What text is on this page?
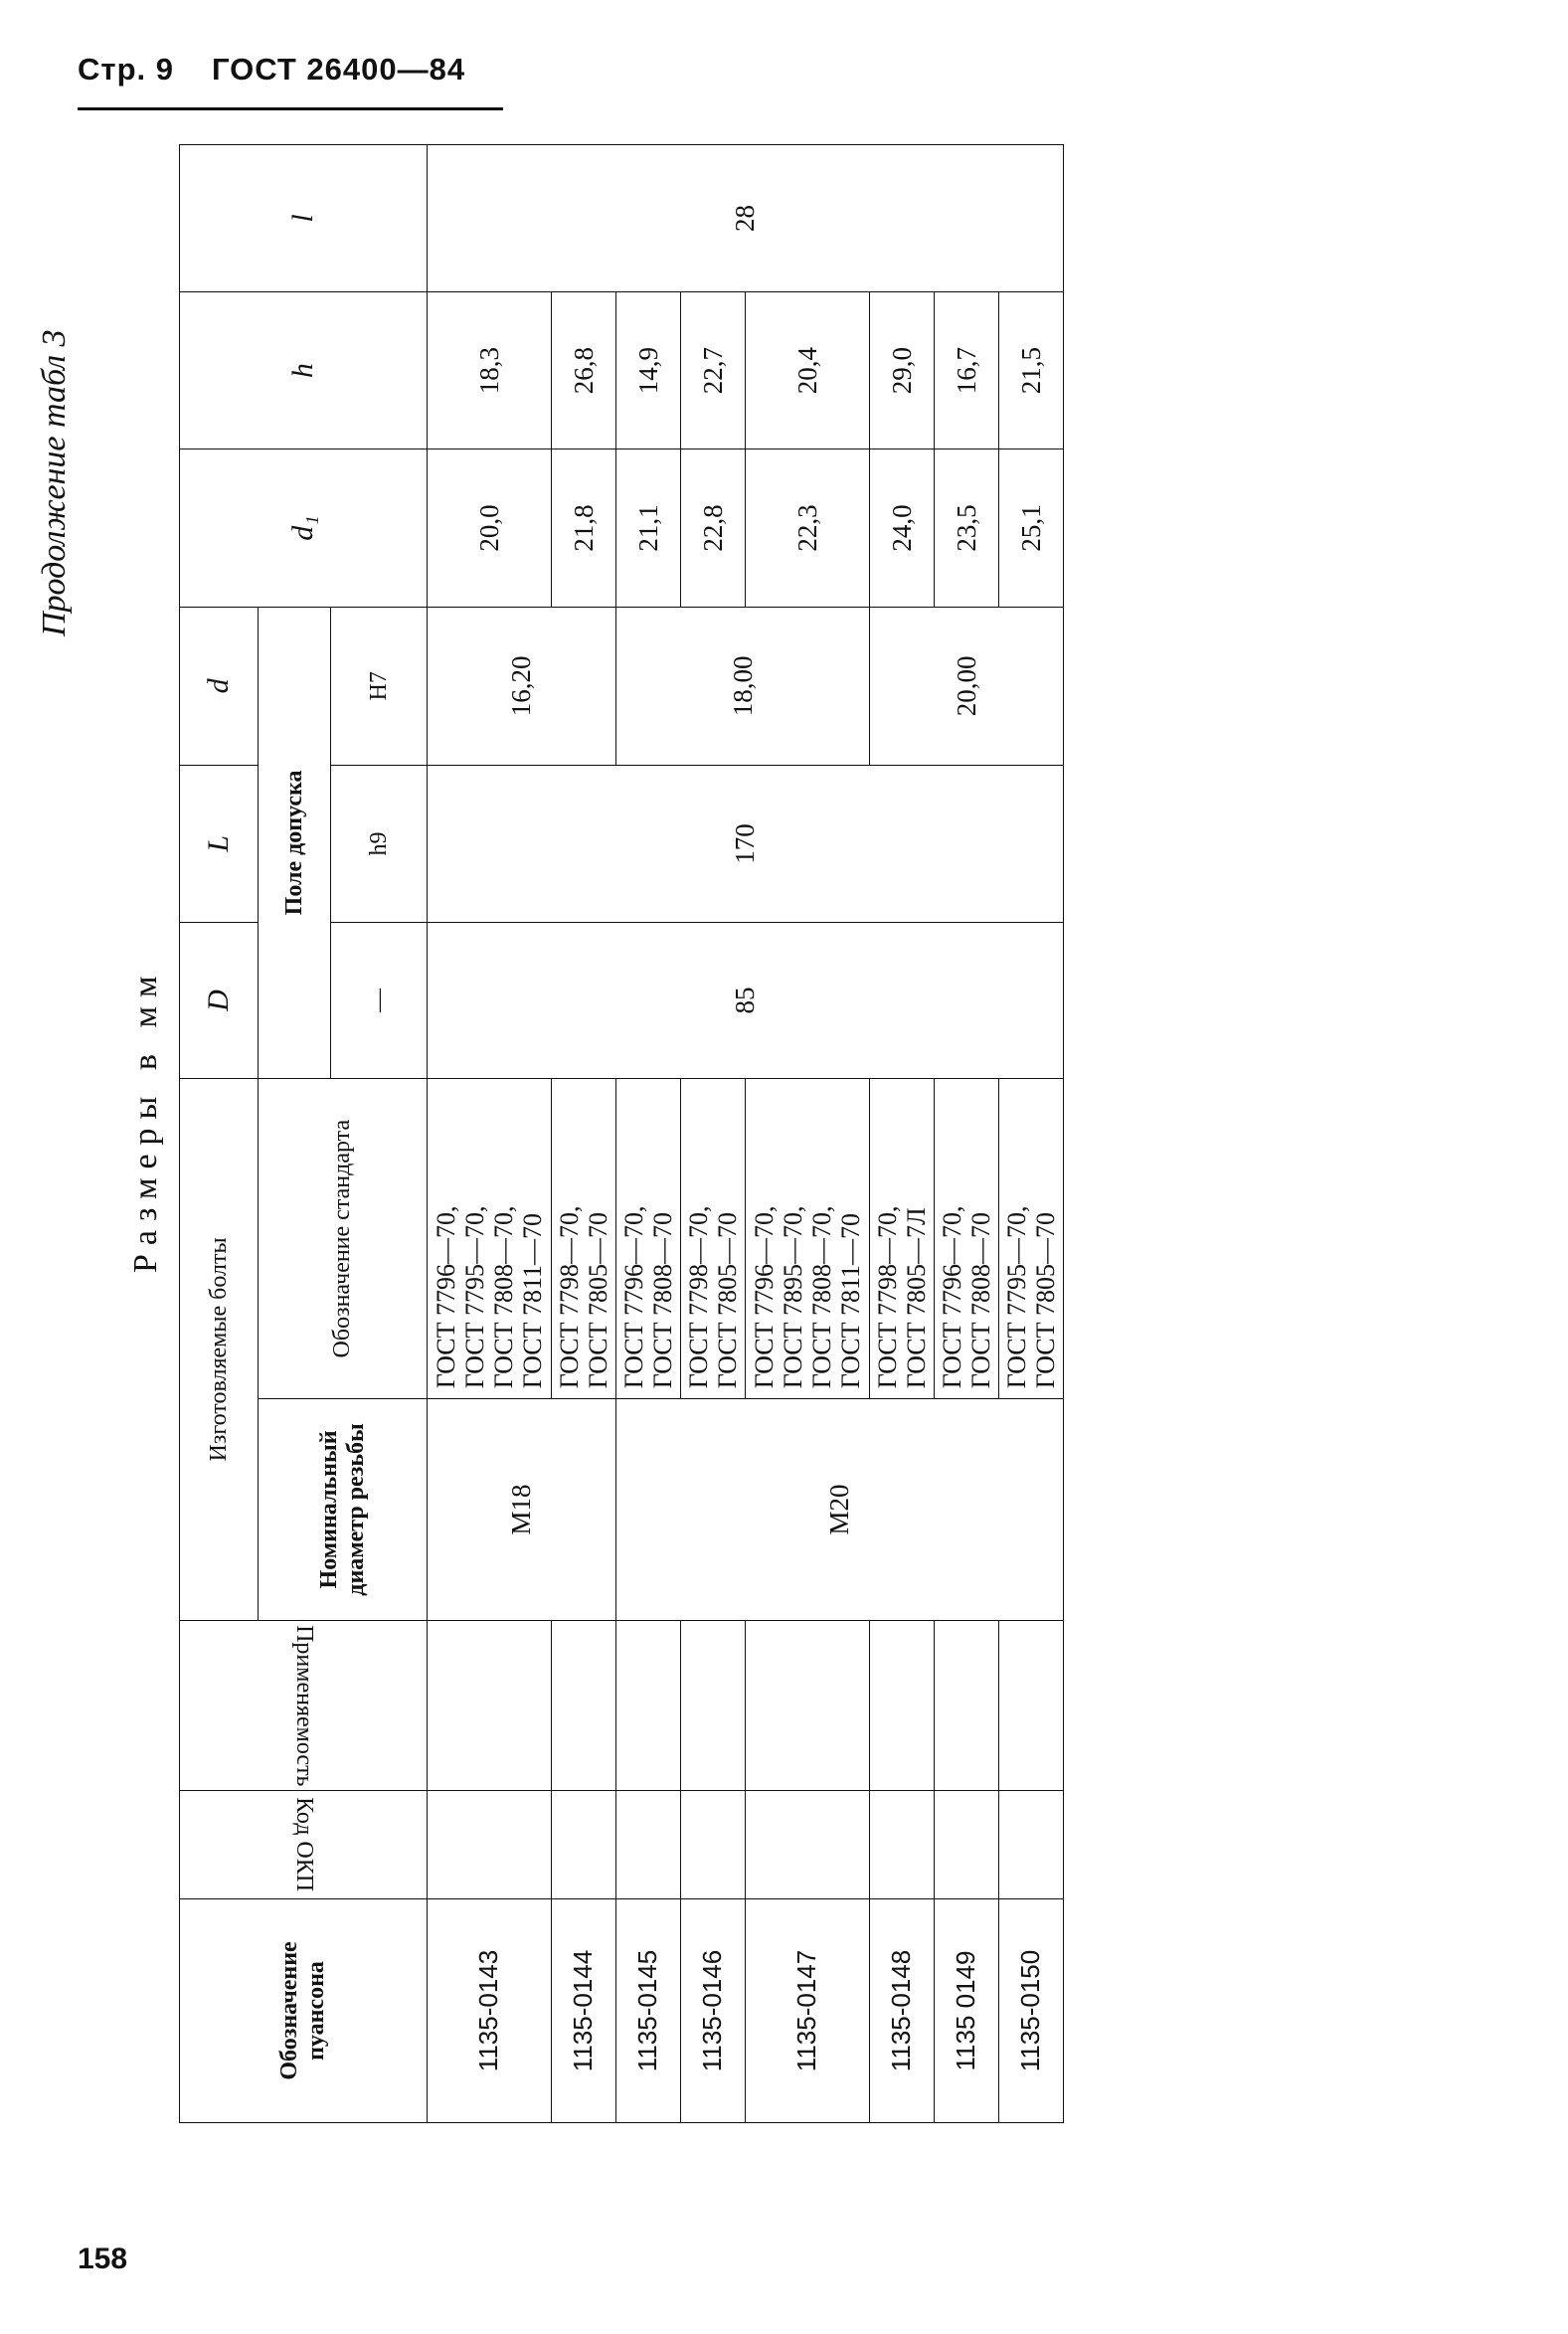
Стр. 9 ГОСТ 26400—84
Продолжение табл 3
Размеры в мм
Обозначение пуансона	Код ОКП	Применяемость	Изготовляемые болты		D	L	d	d₁	h	l
			Номинальный диаметр резьбы	Обозначение стандарта	Поле допуска					
					—	h9	H7			
1135-0143			M18	ГОСТ 7796—70, ГОСТ 7795—70, ГОСТ 7808—70, ГОСТ 7811—70	85	170	16,20	20,0	18,3	28
1135-0144				ГОСТ 7798—70, ГОСТ 7805—70				21,8	26,8	
1135-0145			M20	ГОСТ 7796—70, ГОСТ 7808—70			18,00	21,1	14,9	
1135-0146				ГОСТ 7798—70, ГОСТ 7805—70				22,8	22,7	
1135-0147				ГОСТ 7796—70, ГОСТ 7895—70, ГОСТ 7808—70, ГОСТ 7811—70				22,3	20,4	
1135-0148				ГОСТ 7798—70, ГОСТ 7805—7Л			20,00	24,0	29,0	
1135 0149				ГОСТ 7796—70, ГОСТ 7808—70				23,5	16,7	
1135-0150				ГОСТ 7795—70, ГОСТ 7805—70				25,1	21,5	
158
